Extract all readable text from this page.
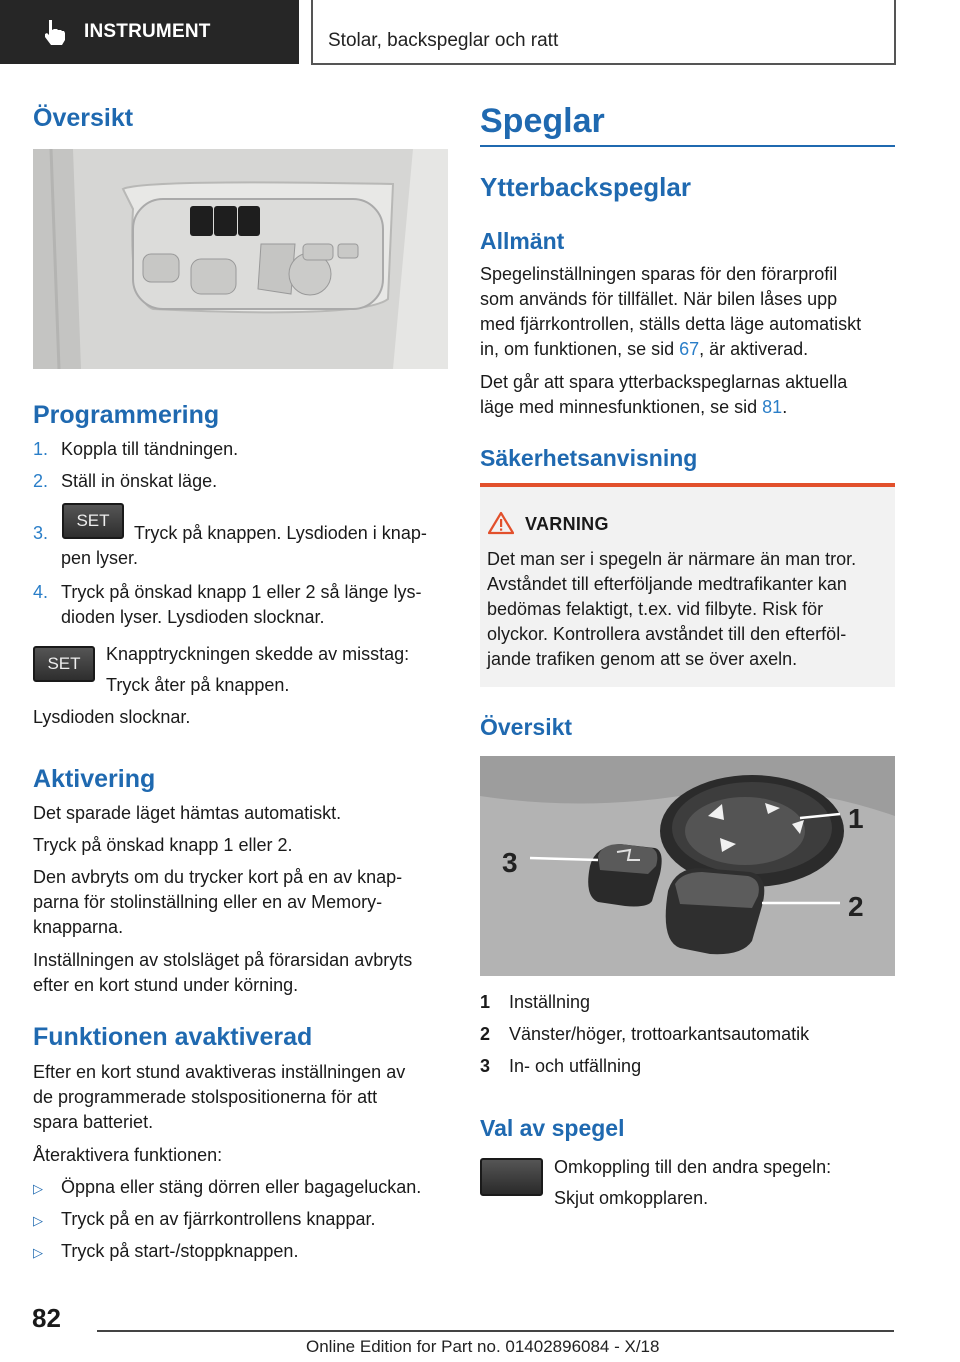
INSTRUMENT	Stolar, backspeglar och ratt
Översikt
Programmering
1. Koppla till tändningen.
2. Ställ in önskat läge.
3.
SET
Tryck på knappen. Lysdioden i knap-
pen lyser.
4. Tryck på önskad knapp 1 eller 2 så länge lys-
dioden lyser. Lysdioden slocknar.
SET	Knapptryckningen skedde av misstag:
Tryck åter på knappen.
Lysdioden slocknar.
Aktivering
Det sparade läget hämtas automatiskt.
Tryck på önskad knapp 1 eller 2.
Den avbryts om du trycker kort på en av knap-
parna för stolinställning eller en av Memory-
knapparna.
Inställningen av stolsläget på förarsidan avbryts
efter en kort stund under körning.
Funktionen avaktiverad
Efter en kort stund avaktiveras inställningen av
de programmerade stolspositionerna för att
spara batteriet.
Återaktivera funktionen:
▷ Öppna eller stäng dörren eller bagageluckan.
▷ Tryck på en av fjärrkontrollens knappar.
▷ Tryck på start-/stoppknappen.
Speglar
Ytterbackspeglar
Allmänt
Spegelinställningen sparas för den förarprofil
som används för tillfället. När bilen låses upp
med fjärrkontrollen, ställs detta läge automatiskt
in, om funktionen, se sid 67, är aktiverad.
Det går att spara ytterbackspeglarnas aktuella
läge med minnesfunktionen, se sid 81.
Säkerhetsanvisning
VARNING
Det man ser i spegeln är närmare än man tror.
Avståndet till efterföljande medtrafikanter kan
bedömas felaktigt, t.ex. vid filbyte. Risk för
olyckor. Kontrollera avståndet till den efterföl-
jande trafiken genom att se över axeln.
Översikt
3
1
2
1 Inställning
2 Vänster/höger, trottoarkantsautomatik
3 In- och utfällning
Val av spegel
Omkoppling till den andra spegeln:
Skjut omkopplaren.
82
Online Edition for Part no. 01402896084 - X/18
